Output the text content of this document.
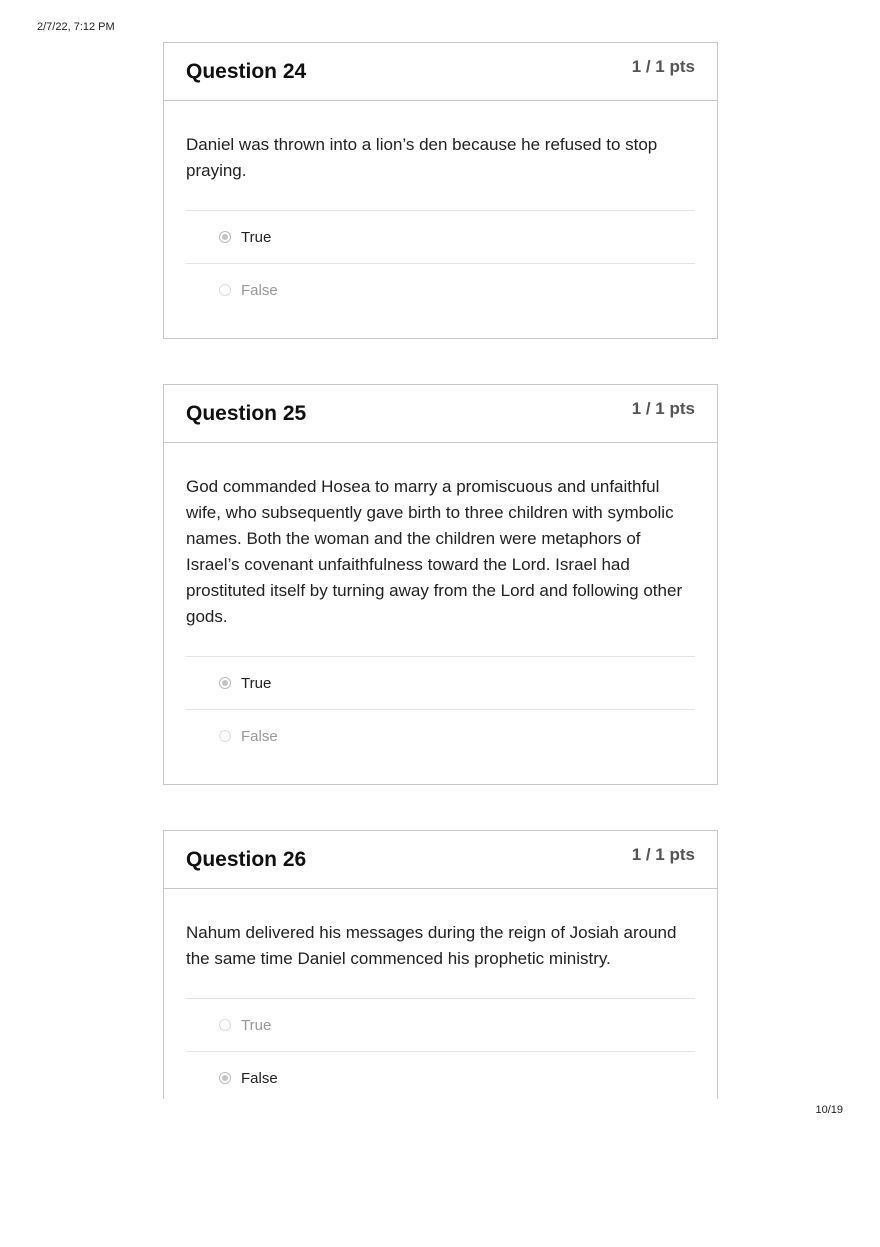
2/7/22, 7:12 PM
Question 24	1 / 1 pts

Daniel was thrown into a lion’s den because he refused to stop praying.

True
False
Question 25	1 / 1 pts

God commanded Hosea to marry a promiscuous and unfaithful wife, who subsequently gave birth to three children with symbolic names. Both the woman and the children were metaphors of Israel’s covenant unfaithfulness toward the Lord. Israel had prostituted itself by turning away from the Lord and following other gods.

True
False
Question 26	1 / 1 pts

Nahum delivered his messages during the reign of Josiah around the same time Daniel commenced his prophetic ministry.

True
False
10/19
